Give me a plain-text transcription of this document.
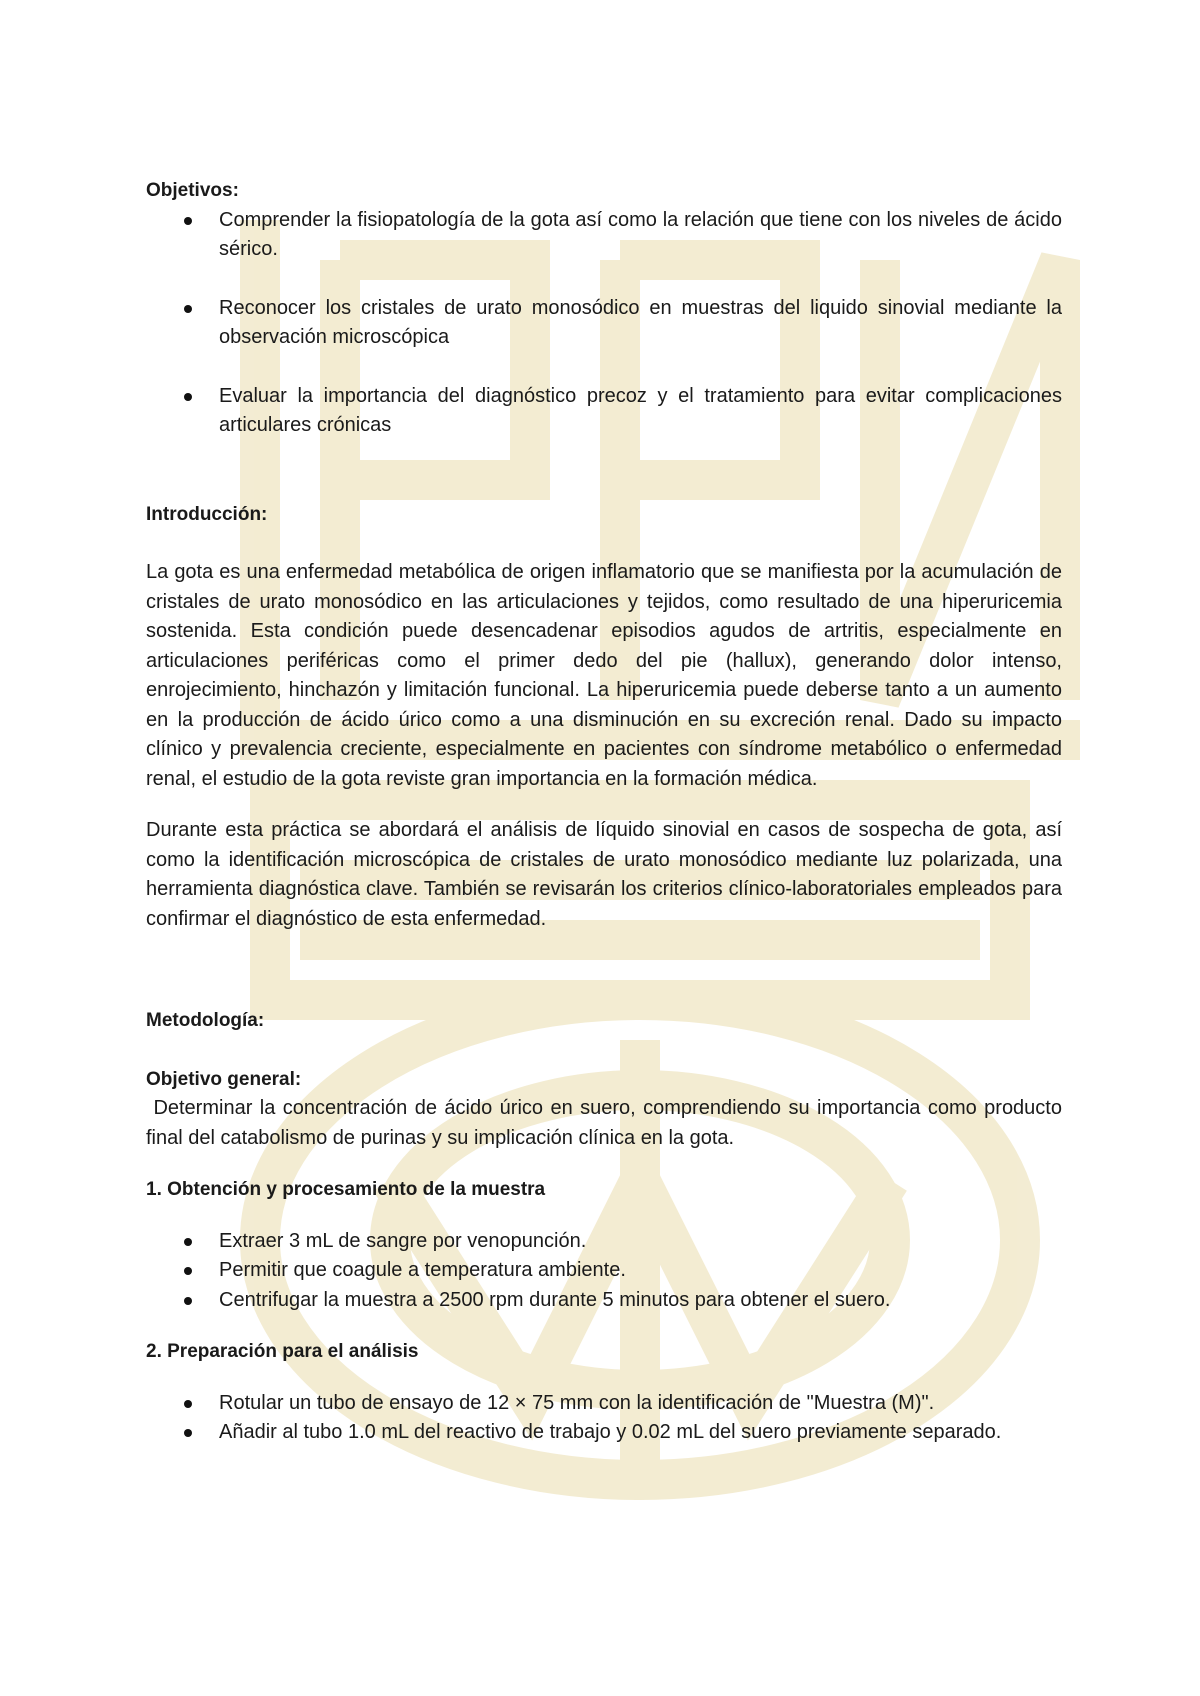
Objetivos:
Comprender la fisiopatología de la gota así como la relación que tiene con los niveles de ácido sérico.
Reconocer los cristales de urato monosódico en muestras del liquido sinovial mediante la observación microscópica
Evaluar la importancia del diagnóstico precoz y el tratamiento para evitar complicaciones articulares crónicas
Introducción:

La gota es una enfermedad metabólica de origen inflamatorio que se manifiesta por la acumulación de cristales de urato monosódico en las articulaciones y tejidos, como resultado de una hiperuricemia sostenida. Esta condición puede desencadenar episodios agudos de artritis, especialmente en articulaciones periféricas como el primer dedo del pie (hallux), generando dolor intenso, enrojecimiento, hinchazón y limitación funcional. La hiperuricemia puede deberse tanto a un aumento en la producción de ácido úrico como a una disminución en su excreción renal. Dado su impacto clínico y prevalencia creciente, especialmente en pacientes con síndrome metabólico o enfermedad renal, el estudio de la gota reviste gran importancia en la formación médica.

Durante esta práctica se abordará el análisis de líquido sinovial en casos de sospecha de gota, así como la identificación microscópica de cristales de urato monosódico mediante luz polarizada, una herramienta diagnóstica clave. También se revisarán los criterios clínico-laboratoriales empleados para confirmar el diagnóstico de esta enfermedad.

Metodología:
Objetivo general:

Determinar la concentración de ácido úrico en suero, comprendiendo su importancia como producto final del catabolismo de purinas y su implicación clínica en la gota.

1. Obtención y procesamiento de la muestra
Extraer 3 mL de sangre por venopunción.
Permitir que coagule a temperatura ambiente.
Centrifugar la muestra a 2500 rpm durante 5 minutos para obtener el suero.
2. Preparación para el análisis
Rotular un tubo de ensayo de 12 × 75 mm con la identificación de "Muestra (M)".
Añadir al tubo 1.0 mL del reactivo de trabajo y 0.02 mL del suero previamente separado.
